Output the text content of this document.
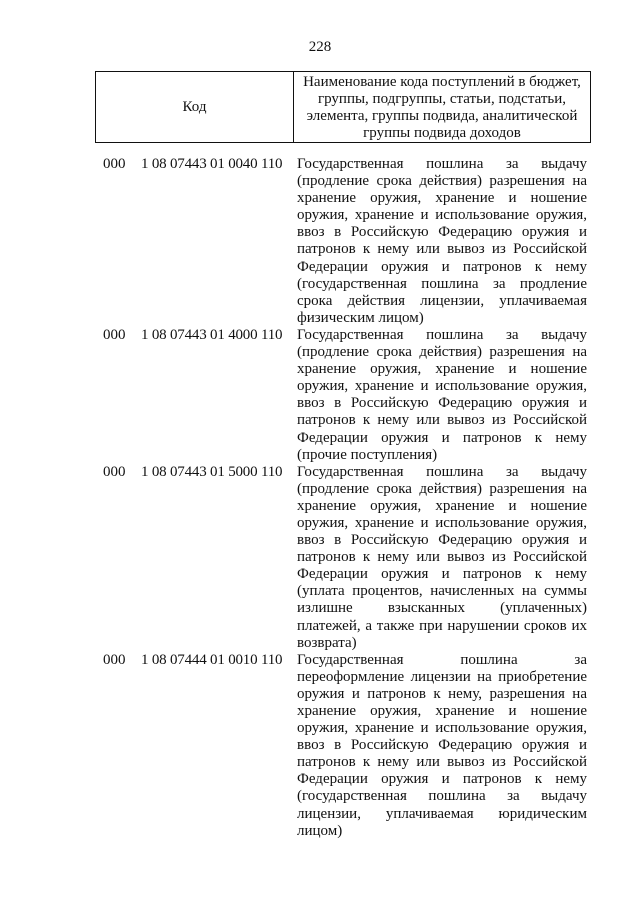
228
Код	Наименование кода поступлений в бюджет, группы, подгруппы, статьи, подстатьи, элемента, группы подвида, аналитической группы подвида доходов
000 1 08 07443 01 0040 110 Государственная пошлина за выдачу (продление срока действия) разрешения на хранение оружия, хранение и ношение оружия, хранение и использование оружия, ввоз в Российскую Федерацию оружия и патронов к нему или вывоз из Российской Федерации оружия и патронов к нему (государственная пошлина за продление срока действия лицензии, уплачиваемая физическим лицом)
000 1 08 07443 01 4000 110 Государственная пошлина за выдачу (продление срока действия) разрешения на хранение оружия, хранение и ношение оружия, хранение и использование оружия, ввоз в Российскую Федерацию оружия и патронов к нему или вывоз из Российской Федерации оружия и патронов к нему (прочие поступления)
000 1 08 07443 01 5000 110 Государственная пошлина за выдачу (продление срока действия) разрешения на хранение оружия, хранение и ношение оружия, хранение и использование оружия, ввоз в Российскую Федерацию оружия и патронов к нему или вывоз из Российской Федерации оружия и патронов к нему (уплата процентов, начисленных на суммы излишне взысканных (уплаченных) платежей, а также при нарушении сроков их возврата)
000 1 08 07444 01 0010 110 Государственная пошлина за переоформление лицензии на приобретение оружия и патронов к нему, разрешения на хранение оружия, хранение и ношение оружия, хранение и использование оружия, ввоз в Российскую Федерацию оружия и патронов к нему или вывоз из Российской Федерации оружия и патронов к нему (государственная пошлина за выдачу лицензии, уплачиваемая юридическим лицом)
